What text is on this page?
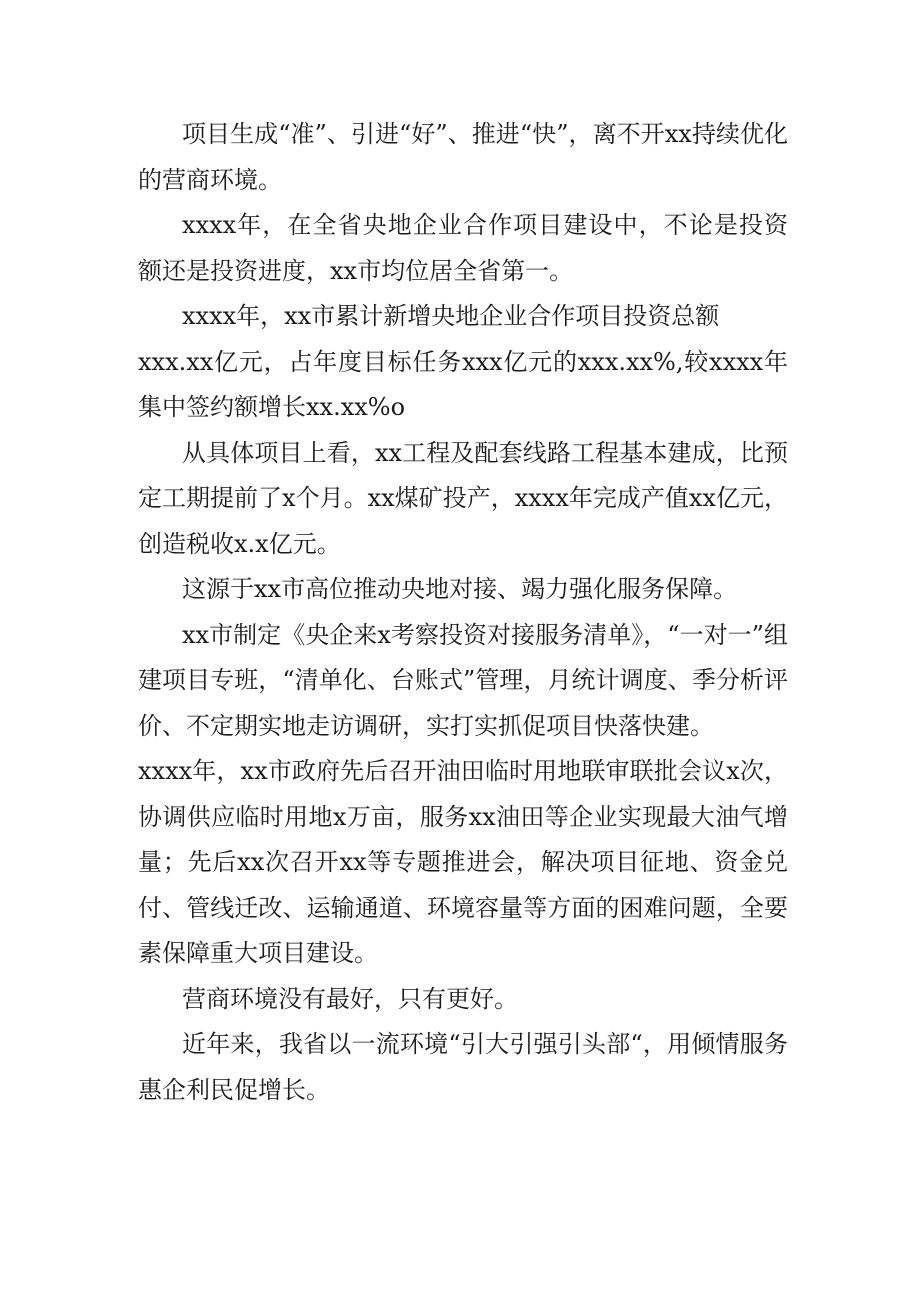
项目生成“准”、引进“好”、推进“快”，离不开xx持续优化的营商环境。

xxxx年，在全省央地企业合作项目建设中，不论是投资额还是投资进度，xx市均位居全省第一。

xxxx年，xx市累计新增央地企业合作项目投资总额

xxx.xx亿元，占年度目标任务xxx亿元的xxx.xx%,较xxxx年集中签约额增长xx.xx%o

从具体项目上看，xx工程及配套线路工程基本建成，比预定工期提前了x个月。xx煤矿投产，xxxx年完成产值xx亿元，创造税收x.x亿元。

这源于xx市高位推动央地对接、竭力强化服务保障。

xx市制定《央企来x考察投资对接服务清单》，“一对一”组建项目专班，“清单化、台账式”管理，月统计调度、季分析评价、不定期实地走访调研，实打实抓促项目快落快建。

xxxx年，xx市政府先后召开油田临时用地联审联批会议x次，协调供应临时用地x万亩，服务xx油田等企业实现最大油气增量；先后xx次召开xx等专题推进会，解决项目征地、资金兑付、管线迁改、运输通道、环境容量等方面的困难问题，全要素保障重大项目建设。

营商环境没有最好，只有更好。

近年来，我省以一流环境“引大引强引头部“，用倾情服务惠企利民促增长。
